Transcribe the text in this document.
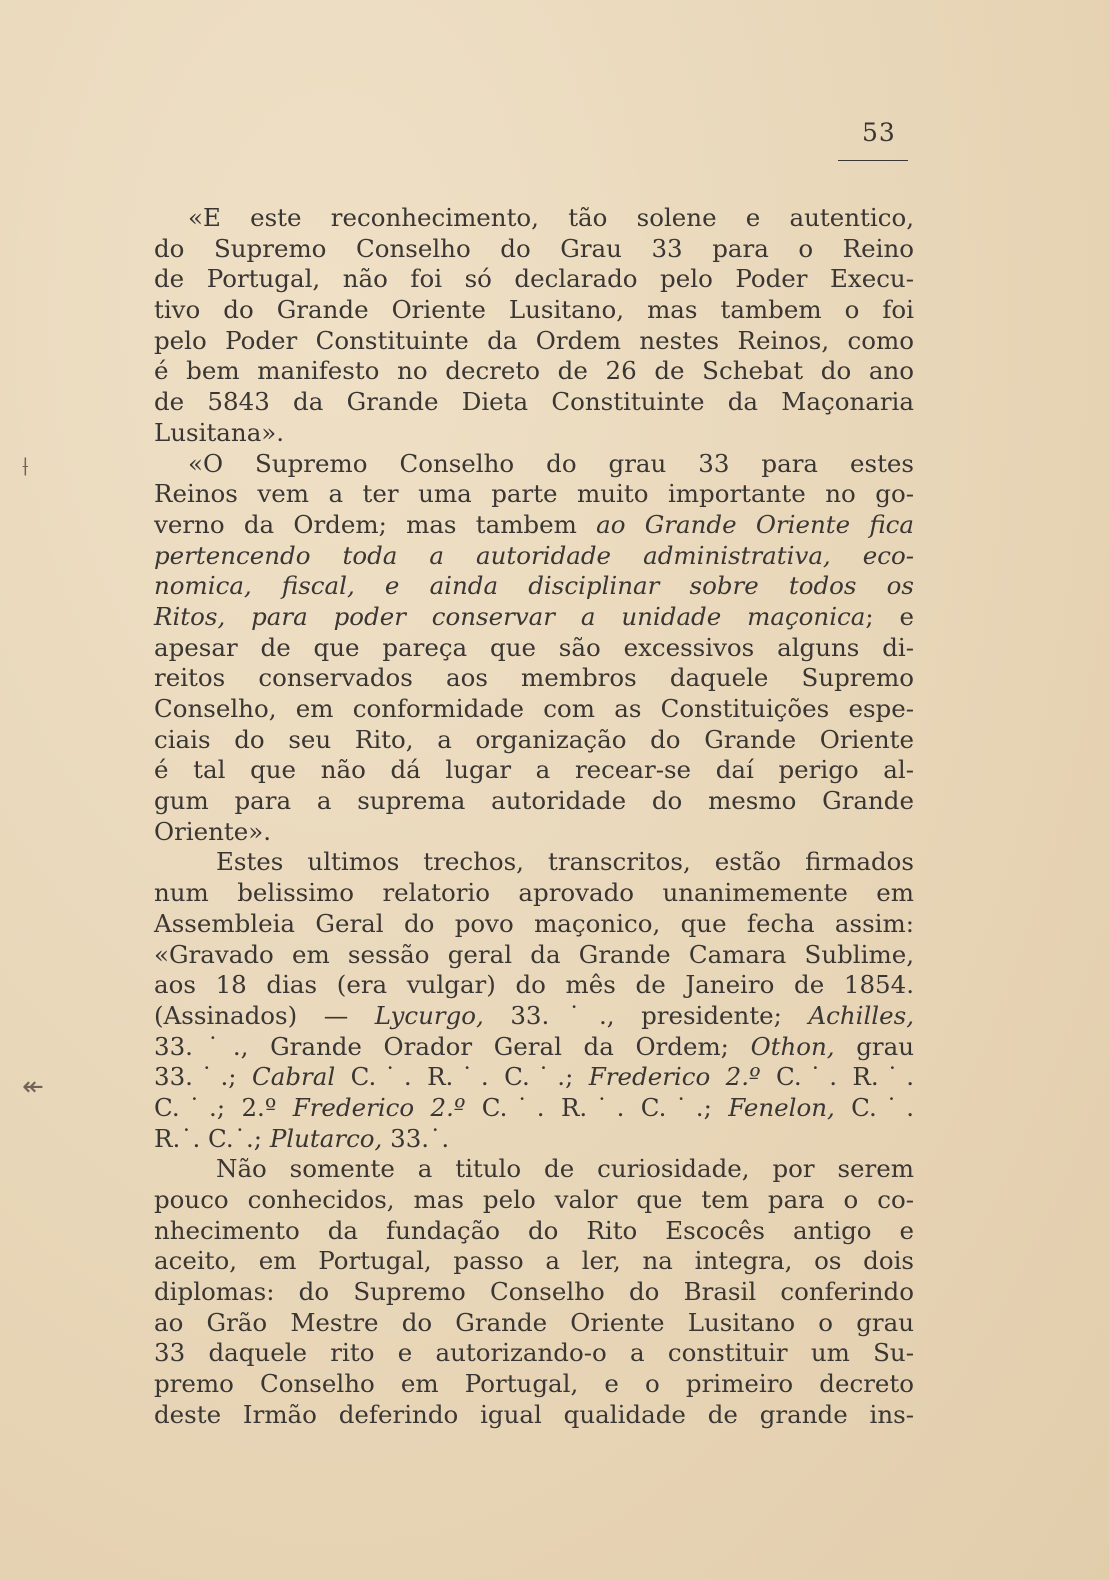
53
⟊
↞
«E este reconhecimento, tão solene e autentico,
do Supremo Conselho do Grau 33 para o Reino
de Portugal, não foi só declarado pelo Poder Execu-
tivo do Grande Oriente Lusitano, mas tambem o foi
pelo Poder Constituinte da Ordem nestes Reinos, como
é bem manifesto no decreto de 26 de Schebat do ano
de 5843 da Grande Dieta Constituinte da Maçonaria
Lusitana».
«O Supremo Conselho do grau 33 para estes
Reinos vem a ter uma parte muito importante no go-
verno da Ordem; mas tambem ao Grande Oriente fica
pertencendo toda a autoridade administrativa, eco-
nomica, fiscal, e ainda disciplinar sobre todos os
Ritos, para poder conservar a unidade maçonica; e
apesar de que pareça que são excessivos alguns di-
reitos conservados aos membros daquele Supremo
Conselho, em conformidade com as Constituições espe-
ciais do seu Rito, a organização do Grande Oriente
é tal que não dá lugar a recear-se daí perigo al-
gum para a suprema autoridade do mesmo Grande
Oriente».
Estes ultimos trechos, transcritos, estão firmados
num belissimo relatorio aprovado unanimemente em
Assembleia Geral do povo maçonico, que fecha assim:
«Gravado em sessão geral da Grande Camara Sublime,
aos 18 dias (era vulgar) do mês de Janeiro de 1854.
(Assinados) — Lycurgo, 33.˙., presidente; Achilles,
33.˙., Grande Orador Geral da Ordem; Othon, grau
33.˙.; Cabral C.˙. R.˙. C.˙.; Frederico 2.º C.˙. R.˙.
C.˙.; 2.º Frederico 2.º C.˙. R.˙. C.˙.; Fenelon, C.˙.
R.˙. C.˙.; Plutarco, 33.˙.
Não somente a titulo de curiosidade, por serem
pouco conhecidos, mas pelo valor que tem para o co-
nhecimento da fundação do Rito Escocês antigo e
aceito, em Portugal, passo a ler, na integra, os dois
diplomas: do Supremo Conselho do Brasil conferindo
ao Grão Mestre do Grande Oriente Lusitano o grau
33 daquele rito e autorizando-o a constituir um Su-
premo Conselho em Portugal, e o primeiro decreto
deste Irmão deferindo igual qualidade de grande ins-
